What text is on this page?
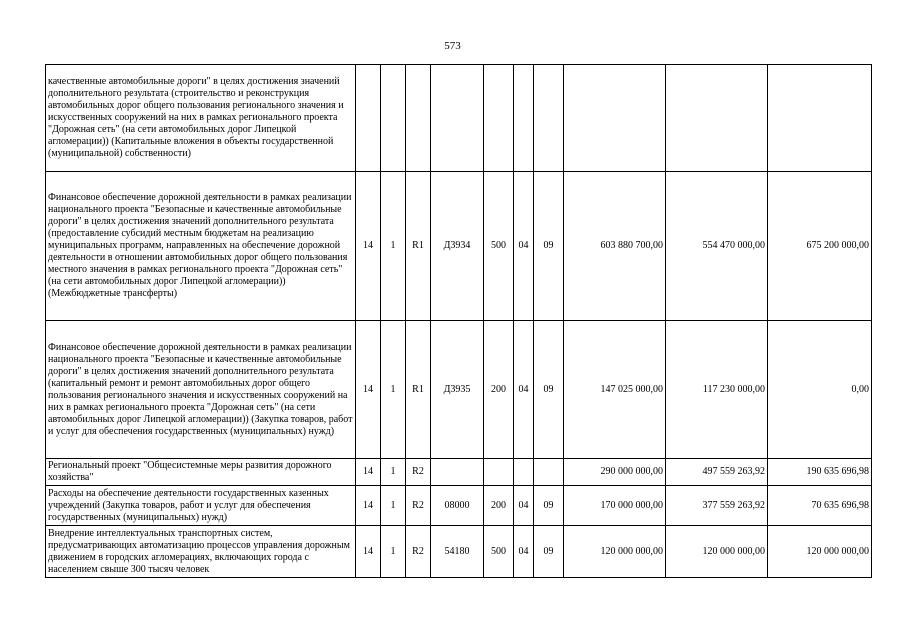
573
качественные автомобильные дороги" в целях достижения значений дополнительного результата (строительство и реконструкция автомобильных дорог общего пользования регионального значения и искусственных сооружений на них в рамках регионального проекта "Дорожная сеть" (на сети автомобильных дорог Липецкой агломерации)) (Капитальные вложения в объекты государственной (муниципальной) собственности)										
Финансовое обеспечение дорожной деятельности в рамках реализации национального проекта "Безопасные и качественные автомобильные дороги" в целях достижения значений дополнительного результата (предоставление субсидий местным бюджетам на реализацию муниципальных программ, направленных на обеспечение дорожной деятельности в отношении автомобильных дорог общего пользования местного значения в рамках регионального проекта "Дорожная сеть" (на сети автомобильных дорог Липецкой агломерации)) (Межбюджетные трансферты)	14	1	R1	Д3934	500	04	09	603 880 700,00	554 470 000,00	675 200 000,00
Финансовое обеспечение дорожной деятельности в рамках реализации национального проекта "Безопасные и качественные автомобильные дороги" в целях достижения значений дополнительного результата (капитальный ремонт и ремонт автомобильных дорог общего пользования регионального значения и искусственных сооружений на них в рамках регионального проекта "Дорожная сеть" (на сети автомобильных дорог Липецкой агломерации)) (Закупка товаров, работ и услуг для обеспечения государственных (муниципальных) нужд)	14	1	R1	Д3935	200	04	09	147 025 000,00	117 230 000,00	0,00
Региональный проект "Общесистемные меры развития дорожного хозяйства"	14	1	R2					290 000 000,00	497 559 263,92	190 635 696,98
Расходы на обеспечение деятельности государственных казенных учреждений (Закупка товаров, работ и услуг для обеспечения государственных (муниципальных) нужд)	14	1	R2	08000	200	04	09	170 000 000,00	377 559 263,92	70 635 696,98
Внедрение интеллектуальных транспортных систем, предусматривающих автоматизацию процессов управления дорожным движением в городских агломерациях, включающих города с населением свыше 300 тысяч человек	14	1	R2	54180	500	04	09	120 000 000,00	120 000 000,00	120 000 000,00
